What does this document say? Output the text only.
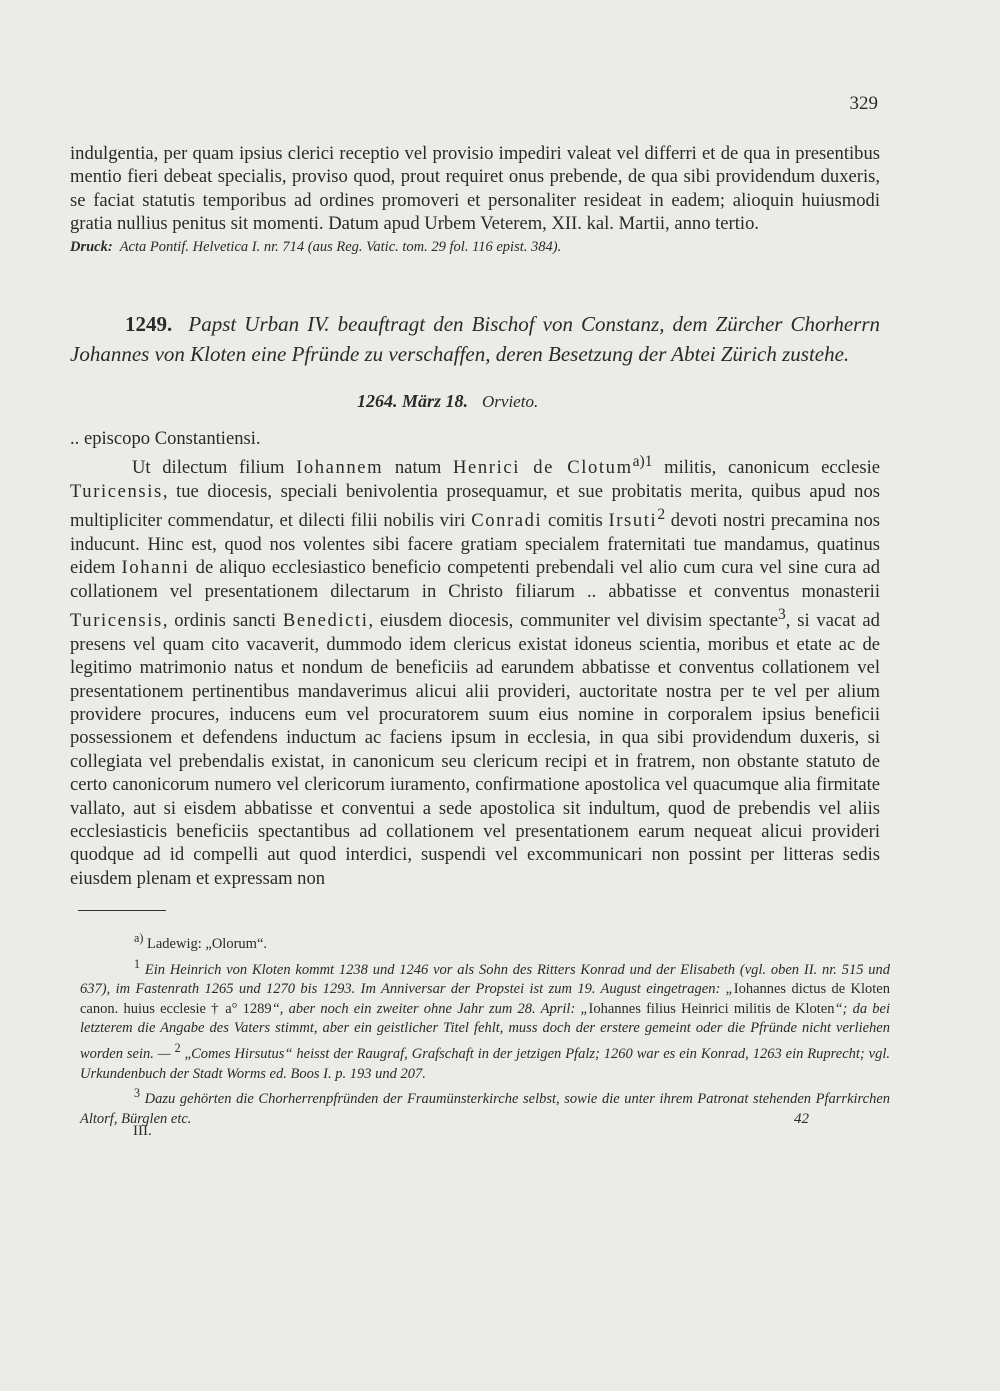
329

indulgentia, per quam ipsius clerici receptio vel provisio impediri valeat vel differri et de qua in presentibus mentio fieri debeat specialis, proviso quod, prout requiret onus prebende, de qua sibi providendum duxeris, se faciat statutis temporibus ad ordines promoveri et personaliter resideat in eadem; alioquin huiusmodi gratia nullius penitus sit momenti. Datum apud Urbem Veterem, XII. kal. Martii, anno tertio.

Druck: Acta Pontif. Helvetica I. nr. 714 (aus Reg. Vatic. tom. 29 fol. 116 epist. 384).

1249. Papst Urban IV. beauftragt den Bischof von Constanz, dem Zürcher Chorherrn Johannes von Kloten eine Pfründe zu verschaffen, deren Besetzung der Abtei Zürich zustehe.
1264. März 18. Orvieto.

.. episcopo Constantiensi.

Ut dilectum filium Iohannem natum Henrici de Clotum$^{a)1}$ militis, canonicum ecclesie Turicensis, tue diocesis, speciali benivolentia prosequamur, et sue probitatis merita, quibus apud nos multipliciter commendatur, et dilecti filii nobilis viri Conradi comitis Irsuti$^2$ devoti nostri precamina nos inducunt. Hinc est, quod nos volentes sibi facere gratiam specialem fraternitati tue mandamus, quatinus eidem Iohanni de aliquo ecclesiastico beneficio competenti prebendali vel alio cum cura vel sine cura ad collationem vel presentationem dilectarum in Christo filiarum .. abbatisse et conventus monasterii Turicensis, ordinis sancti Benedicti, eiusdem diocesis, communiter vel divisim spectante$^3$, si vacat ad presens vel quam cito vacaverit, dummodo idem clericus existat idoneus scientia, moribus et etate ac de legitimo matrimonio natus et nondum de beneficiis ad earundem abbatisse et conventus collationem vel presentationem pertinentibus mandaverimus alicui alii provideri, auctoritate nostra per te vel per alium providere procures, inducens eum vel procuratorem suum eius nomine in corporalem ipsius beneficii possessionem et defendens inductum ac faciens ipsum in ecclesia, in qua sibi providendum duxeris, si collegiata vel prebendalis existat, in canonicum seu clericum recipi et in fratrem, non obstante statuto de certo canonicorum numero vel clericorum iuramento, confirmatione apostolica vel quacumque alia firmitate vallato, aut si eisdem abbatisse et conventui a sede apostolica sit indultum, quod de prebendis vel aliis ecclesiasticis beneficiis spectantibus ad collationem vel presentationem earum nequeat alicui provideri quodque ad id compelli aut quod interdici, suspendi vel excommunicari non possint per litteras sedis eiusdem plenam et expressam non

$^{a)}$ Ladewig: „Olorum“.

$^1$ Ein Heinrich von Kloten kommt 1238 und 1246 vor als Sohn des Ritters Konrad und der Elisabeth (vgl. oben II. nr. 515 und 637), im Fastenrath 1265 und 1270 bis 1293. Im Anniversar der Propstei ist zum 19. August eingetragen: „Iohannes dictus de Kloten canon. huius ecclesie † a° 1289“, aber noch ein zweiter ohne Jahr zum 28. April: „Iohannes filius Heinrici militis de Kloten“; da bei letzterem die Angabe des Vaters stimmt, aber ein geistlicher Titel fehlt, muss doch der erstere gemeint oder die Pfründe nicht verliehen worden sein. — $^2$ „Comes Hirsutus“ heisst der Raugraf, Grafschaft in der jetzigen Pfalz; 1260 war es ein Konrad, 1263 ein Ruprecht; vgl. Urkundenbuch der Stadt Worms ed. Boos I. p. 193 und 207.

$^3$ Dazu gehörten die Chorherrenpfründen der Fraumünsterkirche selbst, sowie die unter ihrem Patronat stehenden Pfarrkirchen Altorf, Bürglen etc.	42
III.
